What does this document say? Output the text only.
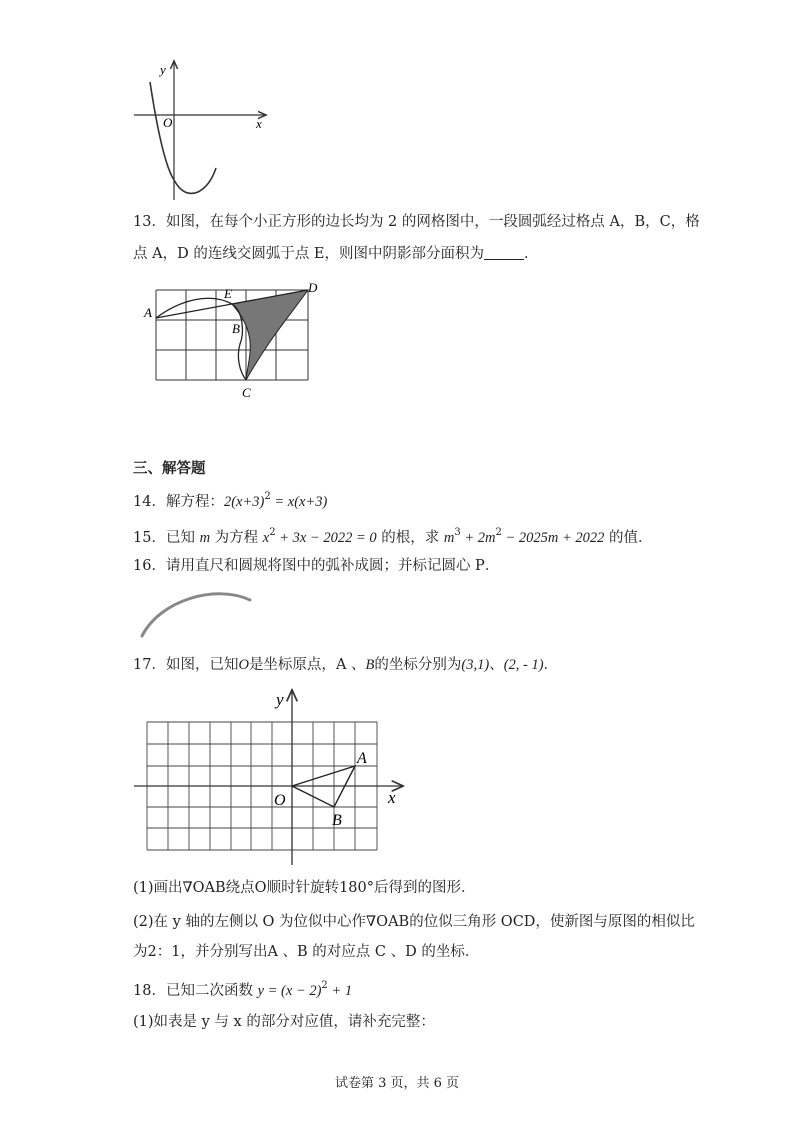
y
x
O
13．如图，在每个小正方形的边长均为 2 的网格图中，一段圆弧经过格点 A，B，C，格
点 A，D 的连线交圆弧于点 E，则图中阴影部分面积为	．
A
E	D
B
C
三、解答题
14．解方程：$2(x+3)^2 = x(x+3)$
15．已知 m 为方程 $x^2 + 3x - 2022 = 0$ 的根，求 $m^3 + 2m^2 - 2025m + 2022$ 的值．
16．请用直尺和圆规将图中的弧补成圆；并标记圆心 P．
17．如图，已知O是坐标原点，A 、B的坐标分别为(3,1)、(2, - 1)．
y
x
O
A
B
(1)画出∇OAB绕点O顺时针旋转180°后得到的图形．
(2)在 y 轴的左侧以 O 为位似中心作∇OAB的位似三角形 OCD，使新图与原图的相似比
为2：1，并分别写出A 、B 的对应点 C 、D 的坐标．
18．已知二次函数 $y = (x - 2)^2 + 1$
(1)如表是 y 与 x 的部分对应值，请补充完整：
试卷第 3 页，共 6 页
